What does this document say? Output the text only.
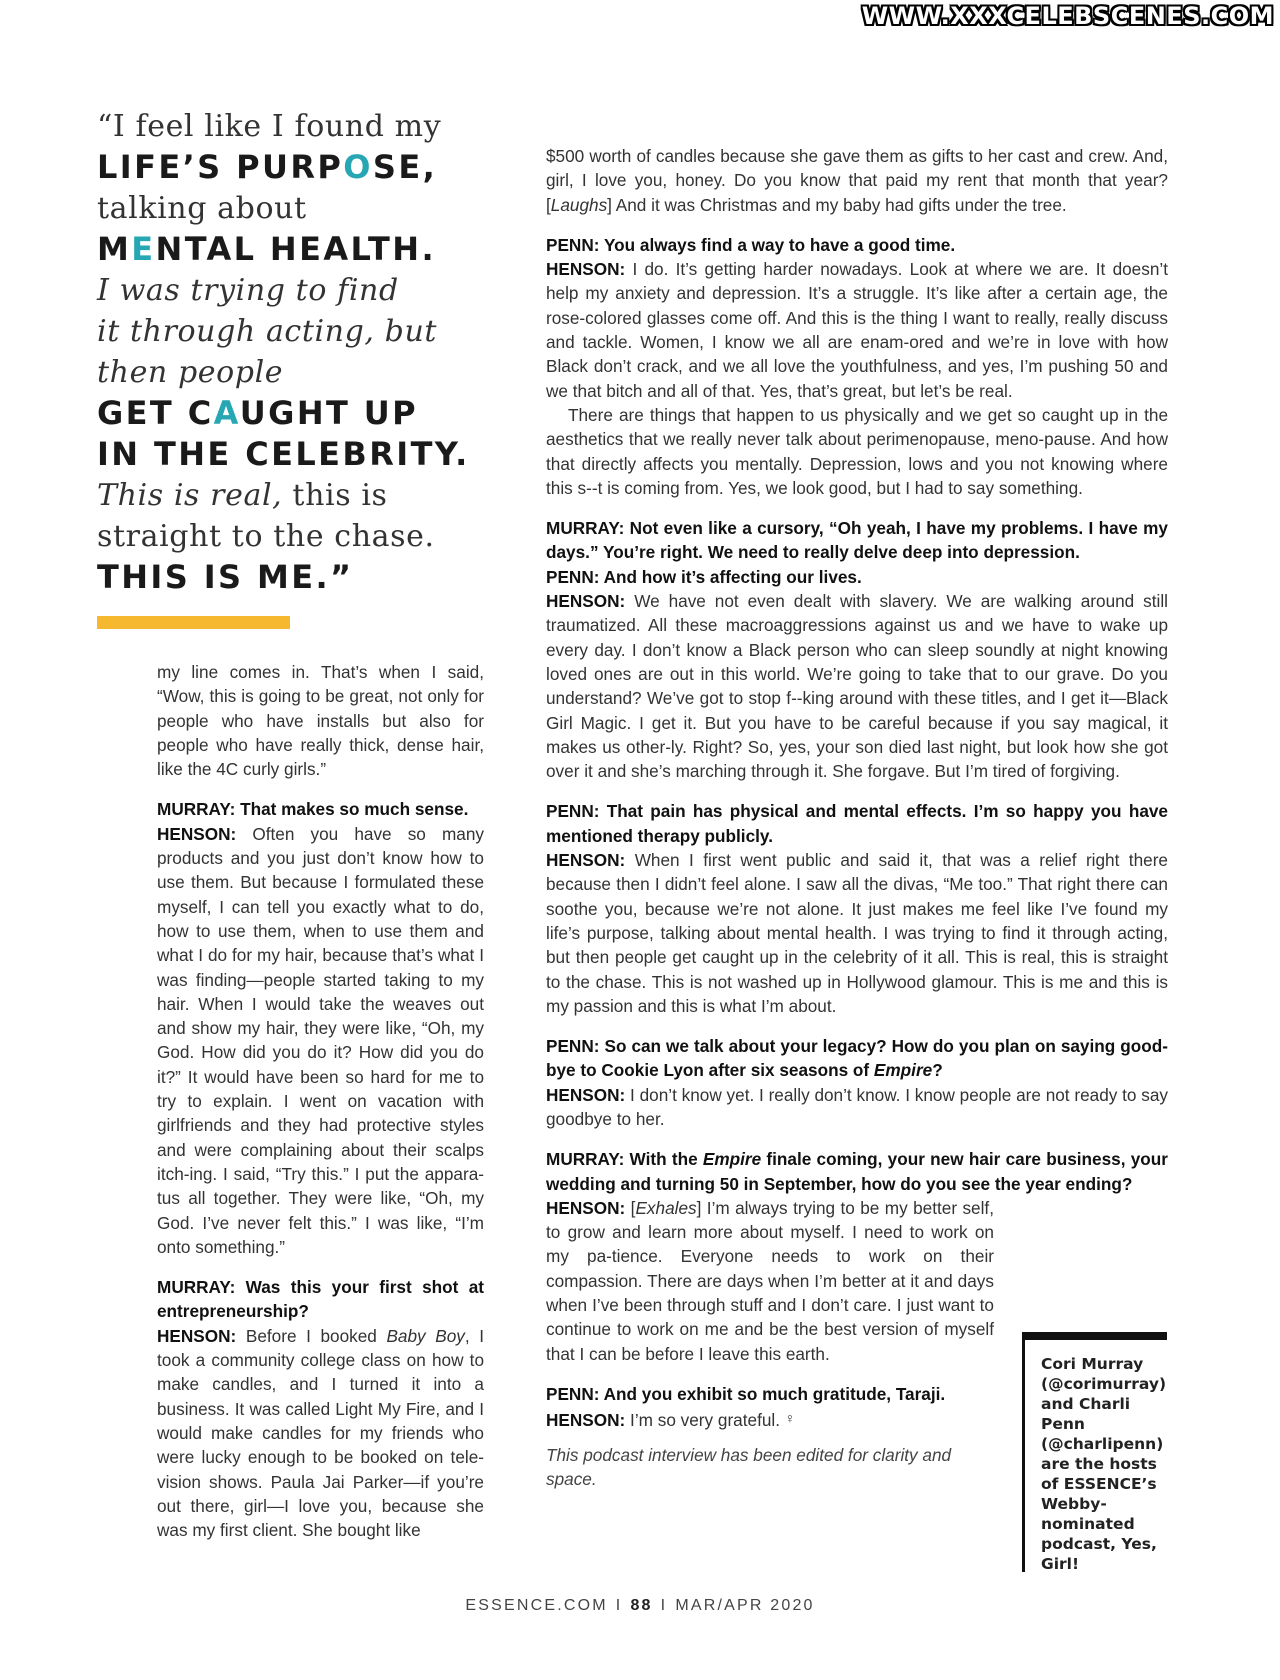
WWW.XXXCELEBSCENES.COM
“I feel like I found my
LIFE’S PURPOSE,
talking about
MENTAL HEALTH.
I was trying to find
it through acting, but
then people
GET CAUGHT UP
IN THE CELEBRITY.
This is real, this is
straight to the chase.
THIS IS ME.”

my line comes in. That’s when I said, “Wow, this is going to be great, not only for people who have installs but also for people who have really thick, dense hair, like the 4C curly girls.”

MURRAY: That makes so much sense.
HENSON: Often you have so many products and you just don’t know how to use them. But because I formulated these myself, I can tell you exactly what to do, how to use them, when to use them and what I do for my hair, because that’s what I was finding—people started taking to my hair. When I would take the weaves out and show my hair, they were like, “Oh, my God. How did you do it? How did you do it?” It would have been so hard for me to try to explain. I went on vacation with girlfriends and they had protective styles and were complaining about their scalps itch-ing. I said, “Try this.” I put the appara-tus all together. They were like, “Oh, my God. I’ve never felt this.” I was like, “I’m onto something.”

MURRAY: Was this your first shot at entrepreneurship?
HENSON: Before I booked Baby Boy, I took a community college class on how to make candles, and I turned it into a business. It was called Light My Fire, and I would make candles for my friends who were lucky enough to be booked on tele-vision shows. Paula Jai Parker—if you’re out there, girl—I love you, because she was my first client. She bought like

$500 worth of candles because she gave them as gifts to her cast and crew. And, girl, I love you, honey. Do you know that paid my rent that month that year? [Laughs] And it was Christmas and my baby had gifts under the tree.

PENN: You always find a way to have a good time.
HENSON: I do. It’s getting harder nowadays. Look at where we are. It doesn’t help my anxiety and depression. It’s a struggle. It’s like after a certain age, the rose-colored glasses come off. And this is the thing I want to really, really discuss and tackle. Women, I know we all are enam-ored and we’re in love with how Black don’t crack, and we all love the youthfulness, and yes, I’m pushing 50 and we that bitch and all of that. Yes, that’s great, but let’s be real.

There are things that happen to us physically and we get so caught up in the aesthetics that we really never talk about perimenopause, meno-pause. And how that directly affects you mentally. Depression, lows and you not knowing where this s--t is coming from. Yes, we look good, but I had to say something.

MURRAY: Not even like a cursory, “Oh yeah, I have my problems. I have my days.” You’re right. We need to really delve deep into depression.
PENN: And how it’s affecting our lives.
HENSON: We have not even dealt with slavery. We are walking around still traumatized. All these macroaggressions against us and we have to wake up every day. I don’t know a Black person who can sleep soundly at night knowing loved ones are out in this world. We’re going to take that to our grave. Do you understand? We’ve got to stop f--king around with these titles, and I get it—Black Girl Magic. I get it. But you have to be careful because if you say magical, it makes us other-ly. Right? So, yes, your son died last night, but look how she got over it and she’s marching through it. She forgave. But I’m tired of forgiving.

PENN: That pain has physical and mental effects. I’m so happy you have mentioned therapy publicly.
HENSON: When I first went public and said it, that was a relief right there because then I didn’t feel alone. I saw all the divas, “Me too.” That right there can soothe you, because we’re not alone. It just makes me feel like I’ve found my life’s purpose, talking about mental health. I was trying to find it through acting, but then people get caught up in the celebrity of it all. This is real, this is straight to the chase. This is not washed up in Hollywood glamour. This is me and this is my passion and this is what I’m about.

PENN: So can we talk about your legacy? How do you plan on saying good-bye to Cookie Lyon after six seasons of Empire?
HENSON: I don’t know yet. I really don’t know. I know people are not ready to say goodbye to her.

MURRAY: With the Empire finale coming, your new hair care business, your wedding and turning 50 in September, how do you see the year ending?

HENSON: [Exhales] I’m always trying to be my better self, to grow and learn more about myself. I need to work on my pa-tience. Everyone needs to work on their compassion. There are days when I’m better at it and days when I’ve been through stuff and I don’t care. I just want to continue to work on me and be the best version of myself that I can be before I leave this earth.

PENN: And you exhibit so much gratitude, Taraji.
HENSON: I’m so very grateful. ♀

This podcast interview has been edited for clarity and space.

Cori Murray (@corimurray) and Charli Penn (@charlipenn) are the hosts of ESSENCE’s Webby-nominated podcast, Yes, Girl!
ESSENCE.COM I 88 I MAR/APR 2020
